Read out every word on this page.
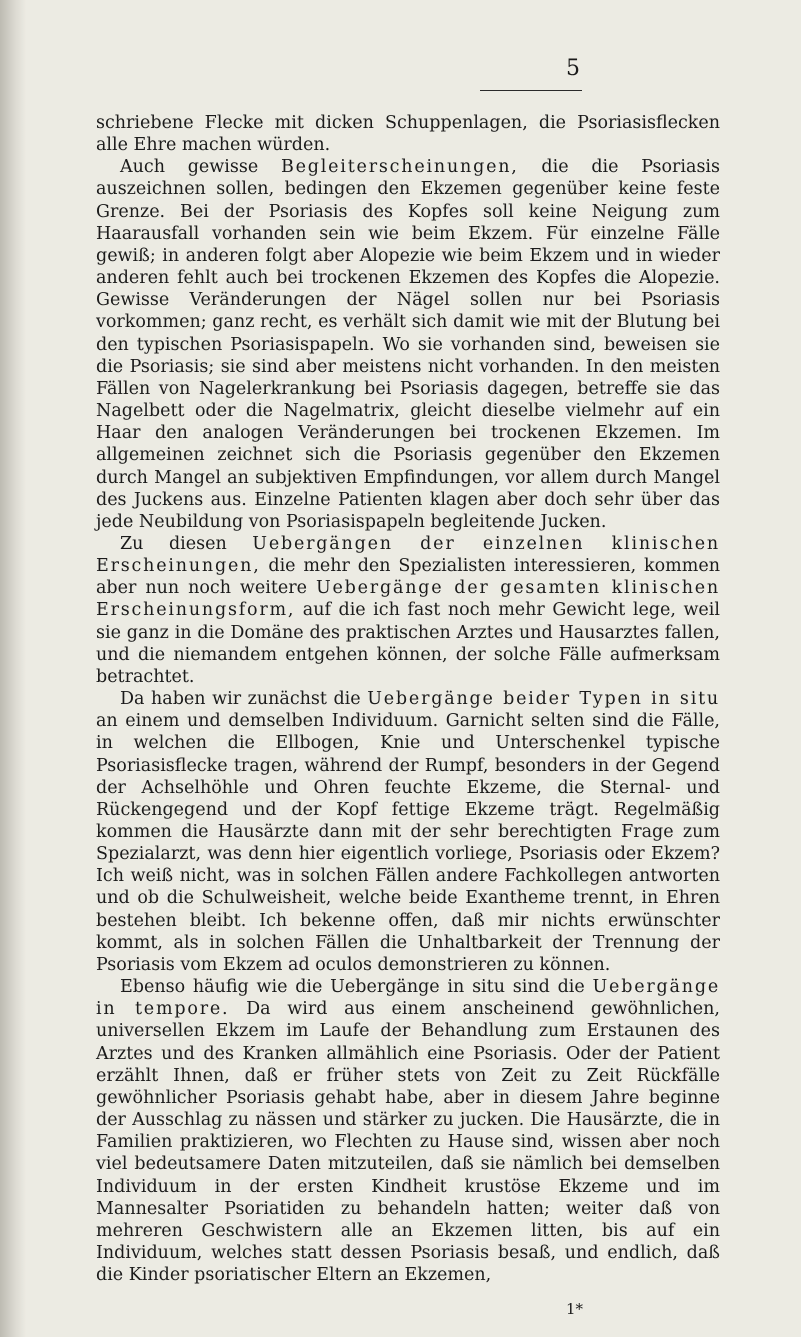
5

schriebene Flecke mit dicken Schuppenlagen, die Psoriasisflecken alle Ehre machen würden.

Auch gewisse Begleiterscheinungen, die die Psoriasis auszeichnen sollen, bedingen den Ekzemen gegenüber keine feste Grenze. Bei der Psoriasis des Kopfes soll keine Neigung zum Haarausfall vorhanden sein wie beim Ekzem. Für einzelne Fälle gewiß; in anderen folgt aber Alopezie wie beim Ekzem und in wieder anderen fehlt auch bei trockenen Ekzemen des Kopfes die Alopezie. Gewisse Veränderungen der Nägel sollen nur bei Psoriasis vorkommen; ganz recht, es verhält sich damit wie mit der Blutung bei den typischen Psoriasispapeln. Wo sie vorhanden sind, beweisen sie die Psoriasis; sie sind aber meistens nicht vorhanden. In den meisten Fällen von Nagelerkrankung bei Psoriasis dagegen, betreffe sie das Nagelbett oder die Nagelmatrix, gleicht dieselbe vielmehr auf ein Haar den analogen Veränderungen bei trockenen Ekzemen. Im allgemeinen zeichnet sich die Psoriasis gegenüber den Ekzemen durch Mangel an subjektiven Empfindungen, vor allem durch Mangel des Juckens aus. Einzelne Patienten klagen aber doch sehr über das jede Neubildung von Psoriasispapeln begleitende Jucken.

Zu diesen Uebergängen der einzelnen klinischen Erscheinungen, die mehr den Spezialisten interessieren, kommen aber nun noch weitere Uebergänge der gesamten klinischen Erscheinungsform, auf die ich fast noch mehr Gewicht lege, weil sie ganz in die Domäne des praktischen Arztes und Hausarztes fallen, und die niemandem entgehen können, der solche Fälle aufmerksam betrachtet.

Da haben wir zunächst die Uebergänge beider Typen in situ an einem und demselben Individuum. Garnicht selten sind die Fälle, in welchen die Ellbogen, Knie und Unterschenkel typische Psoriasisflecke tragen, während der Rumpf, besonders in der Gegend der Achselhöhle und Ohren feuchte Ekzeme, die Sternal- und Rückengegend und der Kopf fettige Ekzeme trägt. Regelmäßig kommen die Hausärzte dann mit der sehr berechtigten Frage zum Spezialarzt, was denn hier eigentlich vorliege, Psoriasis oder Ekzem? Ich weiß nicht, was in solchen Fällen andere Fachkollegen antworten und ob die Schulweisheit, welche beide Exantheme trennt, in Ehren bestehen bleibt. Ich bekenne offen, daß mir nichts erwünschter kommt, als in solchen Fällen die Unhaltbarkeit der Trennung der Psoriasis vom Ekzem ad oculos demonstrieren zu können.

Ebenso häufig wie die Uebergänge in situ sind die Uebergänge in tempore. Da wird aus einem anscheinend gewöhnlichen, universellen Ekzem im Laufe der Behandlung zum Erstaunen des Arztes und des Kranken allmählich eine Psoriasis. Oder der Patient erzählt Ihnen, daß er früher stets von Zeit zu Zeit Rückfälle gewöhnlicher Psoriasis gehabt habe, aber in diesem Jahre beginne der Ausschlag zu nässen und stärker zu jucken. Die Hausärzte, die in Familien praktizieren, wo Flechten zu Hause sind, wissen aber noch viel bedeutsamere Daten mitzuteilen, daß sie nämlich bei demselben Individuum in der ersten Kindheit krustöse Ekzeme und im Mannesalter Psoriatiden zu behandeln hatten; weiter daß von mehreren Geschwistern alle an Ekzemen litten, bis auf ein Individuum, welches statt dessen Psoriasis besaß, und endlich, daß die Kinder psoriatischer Eltern an Ekzemen,

1*
